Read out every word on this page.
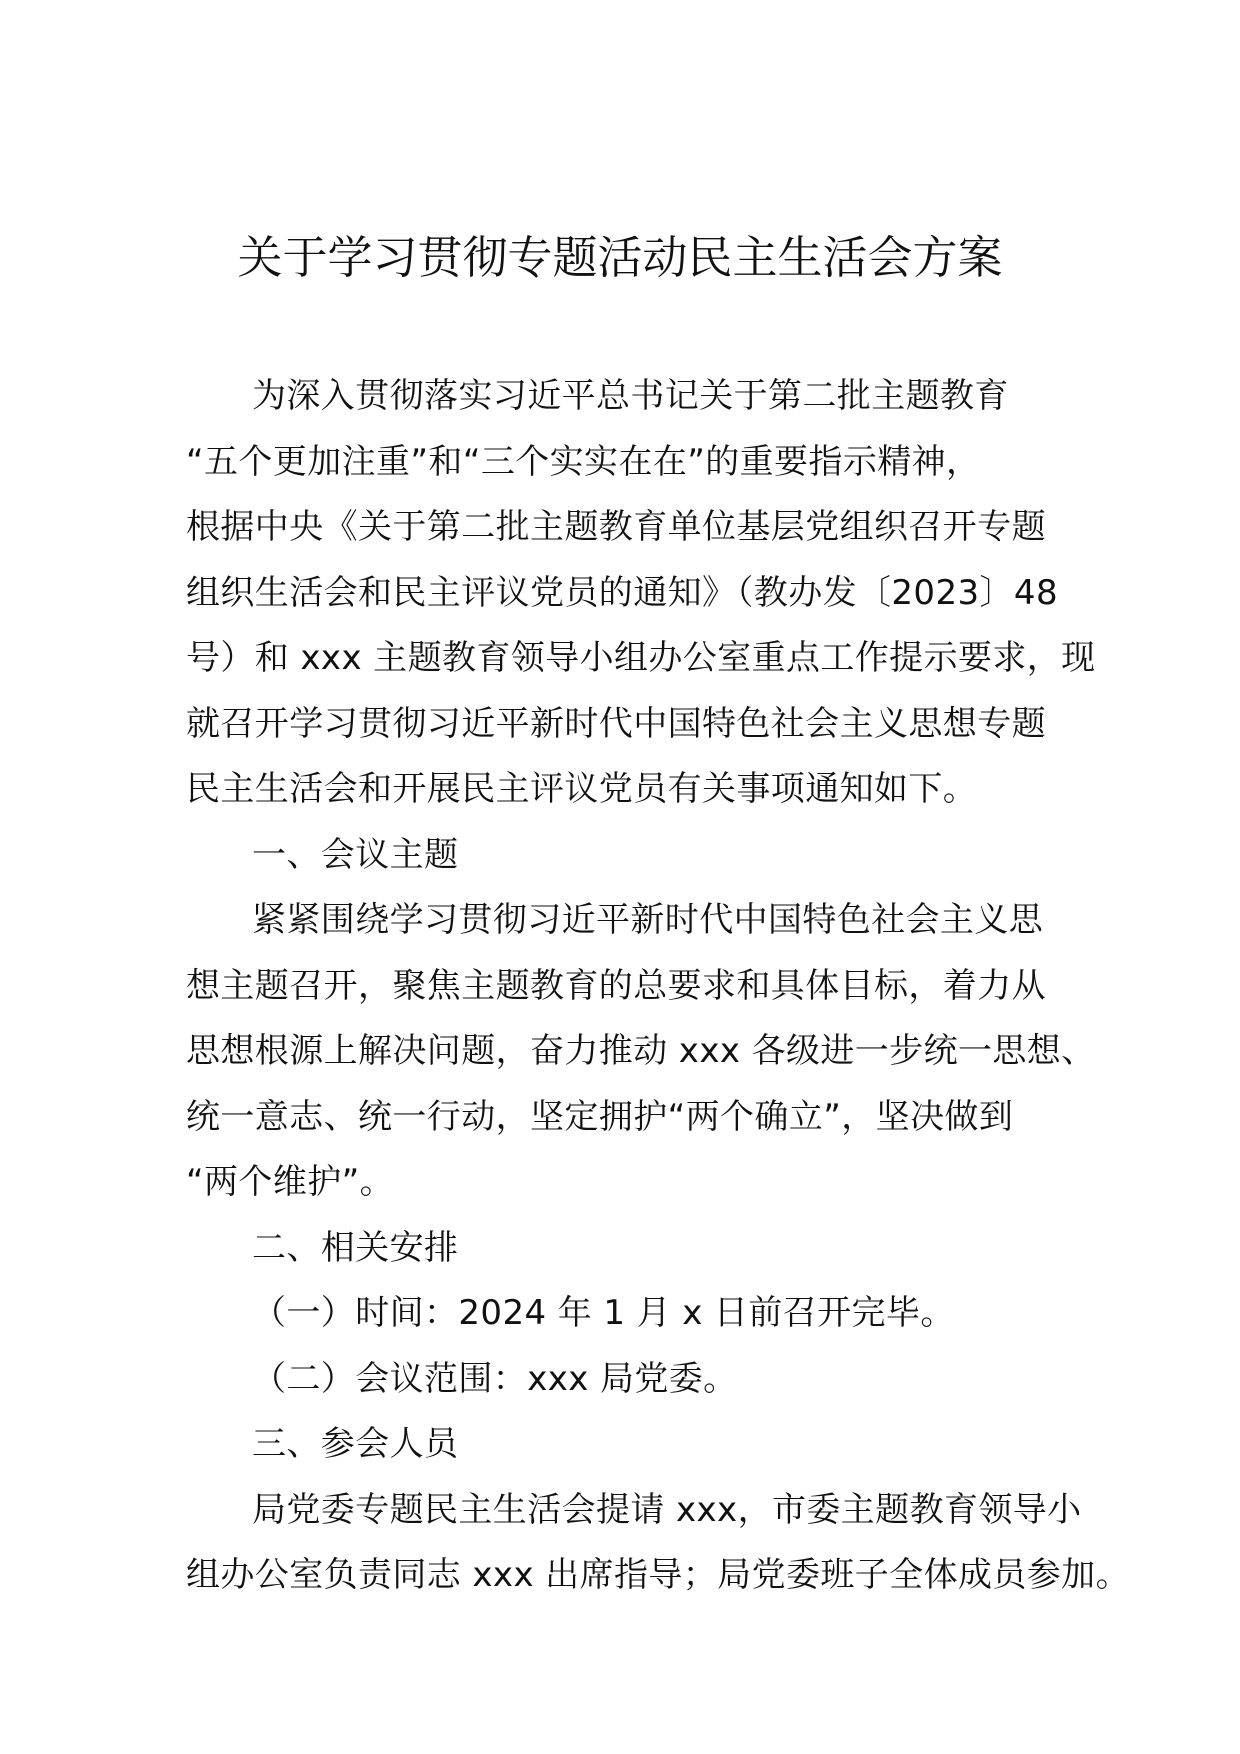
关于学习贯彻专题活动民主生活会方案
为深入贯彻落实习近平总书记关于第二批主题教育
“五个更加注重”和“三个实实在在”的重要指示精神，
根据中央《关于第二批主题教育单位基层党组织召开专题
组织生活会和民主评议党员的通知》（教办发〔2023〕48
号）和 xxx 主题教育领导小组办公室重点工作提示要求，现
就召开学习贯彻习近平新时代中国特色社会主义思想专题
民主生活会和开展民主评议党员有关事项通知如下。
一、会议主题
紧紧围绕学习贯彻习近平新时代中国特色社会主义思
想主题召开，聚焦主题教育的总要求和具体目标，着力从
思想根源上解决问题，奋力推动 xxx 各级进一步统一思想、
统一意志、统一行动，坚定拥护“两个确立”，坚决做到
“两个维护”。
二、相关安排
（一）时间：2024 年 1 月 x 日前召开完毕。
（二）会议范围：xxx 局党委。
三、参会人员
局党委专题民主生活会提请 xxx，市委主题教育领导小
组办公室负责同志 xxx 出席指导；局党委班子全体成员参加。
